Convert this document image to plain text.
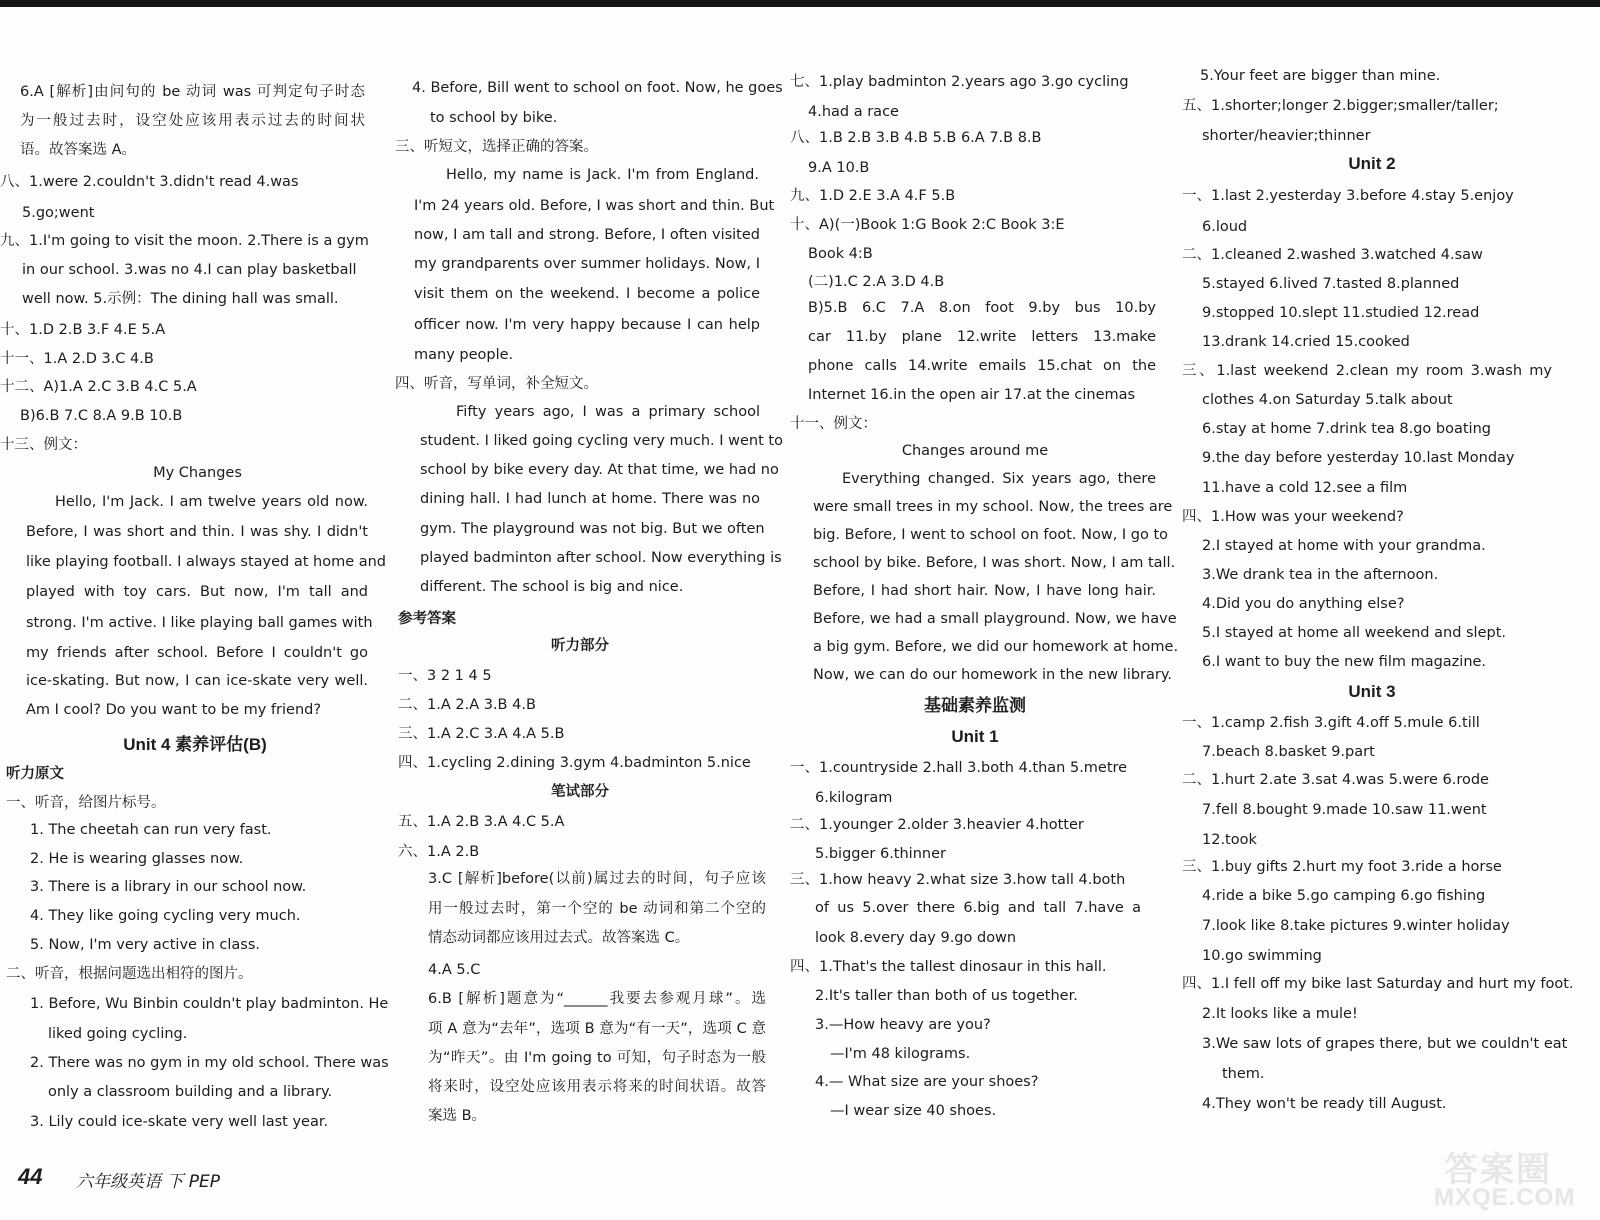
6.A [解析]由问句的 be 动词 was 可判定句子时态
为一般过去时，设空处应该用表示过去的时间状
语。故答案选 A。
八、1.were 2.couldn't 3.didn't read 4.was
5.go;went
九、1.I'm going to visit the moon. 2.There is a gym
in our school. 3.was no 4.I can play basketball
well now. 5.示例：The dining hall was small.
十、1.D 2.B 3.F 4.E 5.A
十一、1.A 2.D 3.C 4.B
十二、A)1.A 2.C 3.B 4.C 5.A
B)6.B 7.C 8.A 9.B 10.B
十三、例文：
My Changes
Hello, I'm Jack. I am twelve years old now.
Before, I was short and thin. I was shy. I didn't
like playing football. I always stayed at home and
played with toy cars. But now, I'm tall and
strong. I'm active. I like playing ball games with
my friends after school. Before I couldn't go
ice-skating. But now, I can ice-skate very well.
Am I cool? Do you want to be my friend?
Unit 4 素养评估(B)
听力原文
一、听音，给图片标号。
1. The cheetah can run very fast.
2. He is wearing glasses now.
3. There is a library in our school now.
4. They like going cycling very much.
5. Now, I'm very active in class.
二、听音，根据问题选出相符的图片。
1. Before, Wu Binbin couldn't play badminton. He
liked going cycling.
2. There was no gym in my old school. There was
only a classroom building and a library.
3. Lily could ice-skate very well last year.
4. Before, Bill went to school on foot. Now, he goes
to school by bike.
三、听短文，选择正确的答案。
Hello, my name is Jack. I'm from England.
I'm 24 years old. Before, I was short and thin. But
now, I am tall and strong. Before, I often visited
my grandparents over summer holidays. Now, I
visit them on the weekend. I become a police
officer now. I'm very happy because I can help
many people.
四、听音，写单词，补全短文。
Fifty years ago, I was a primary school
student. I liked going cycling very much. I went to
school by bike every day. At that time, we had no
dining hall. I had lunch at home. There was no
gym. The playground was not big. But we often
played badminton after school. Now everything is
different. The school is big and nice.
参考答案
听力部分
一、3 2 1 4 5
二、1.A 2.A 3.B 4.B
三、1.A 2.C 3.A 4.A 5.B
四、1.cycling 2.dining 3.gym 4.badminton 5.nice
笔试部分
五、1.A 2.B 3.A 4.C 5.A
六、1.A 2.B
3.C [解析]before(以前)属过去的时间，句子应该
用一般过去时，第一个空的 be 动词和第二个空的
情态动词都应该用过去式。故答案选 C。
4.A 5.C
6.B [解析]题意为“______我要去参观月球”。选
项 A 意为“去年”，选项 B 意为“有一天”，选项 C 意
为“昨天”。由 I'm going to 可知，句子时态为一般
将来时，设空处应该用表示将来的时间状语。故答
案选 B。
七、1.play badminton 2.years ago 3.go cycling
4.had a race
八、1.B 2.B 3.B 4.B 5.B 6.A 7.B 8.B
9.A 10.B
九、1.D 2.E 3.A 4.F 5.B
十、A)(一)Book 1:G Book 2:C Book 3:E
Book 4:B
(二)1.C 2.A 3.D 4.B
B)5.B 6.C 7.A 8.on foot 9.by bus 10.by
car 11.by plane 12.write letters 13.make
phone calls 14.write emails 15.chat on the
Internet 16.in the open air 17.at the cinemas
十一、例文：
Changes around me
Everything changed. Six years ago, there
were small trees in my school. Now, the trees are
big. Before, I went to school on foot. Now, I go to
school by bike. Before, I was short. Now, I am tall.
Before, I had short hair. Now, I have long hair.
Before, we had a small playground. Now, we have
a big gym. Before, we did our homework at home.
Now, we can do our homework in the new library.
基础素养监测
Unit 1
一、1.countryside 2.hall 3.both 4.than 5.metre
6.kilogram
二、1.younger 2.older 3.heavier 4.hotter
5.bigger 6.thinner
三、1.how heavy 2.what size 3.how tall 4.both
of us 5.over there 6.big and tall 7.have a
look 8.every day 9.go down
四、1.That's the tallest dinosaur in this hall.
2.It's taller than both of us together.
3.—How heavy are you?
—I'm 48 kilograms.
4.— What size are your shoes?
—I wear size 40 shoes.
5.Your feet are bigger than mine.
五、1.shorter;longer 2.bigger;smaller/taller;
shorter/heavier;thinner
Unit 2
一、1.last 2.yesterday 3.before 4.stay 5.enjoy
6.loud
二、1.cleaned 2.washed 3.watched 4.saw
5.stayed 6.lived 7.tasted 8.planned
9.stopped 10.slept 11.studied 12.read
13.drank 14.cried 15.cooked
三、1.last weekend 2.clean my room 3.wash my
clothes 4.on Saturday 5.talk about
6.stay at home 7.drink tea 8.go boating
9.the day before yesterday 10.last Monday
11.have a cold 12.see a film
四、1.How was your weekend?
2.I stayed at home with your grandma.
3.We drank tea in the afternoon.
4.Did you do anything else?
5.I stayed at home all weekend and slept.
6.I want to buy the new film magazine.
Unit 3
一、1.camp 2.fish 3.gift 4.off 5.mule 6.till
7.beach 8.basket 9.part
二、1.hurt 2.ate 3.sat 4.was 5.were 6.rode
7.fell 8.bought 9.made 10.saw 11.went
12.took
三、1.buy gifts 2.hurt my foot 3.ride a horse
4.ride a bike 5.go camping 6.go fishing
7.look like 8.take pictures 9.winter holiday
10.go swimming
四、1.I fell off my bike last Saturday and hurt my foot.
2.It looks like a mule!
3.We saw lots of grapes there, but we couldn't eat
them.
4.They won't be ready till August.
44 六年级英语 下 PEP	答案圈
MXQE.COM
